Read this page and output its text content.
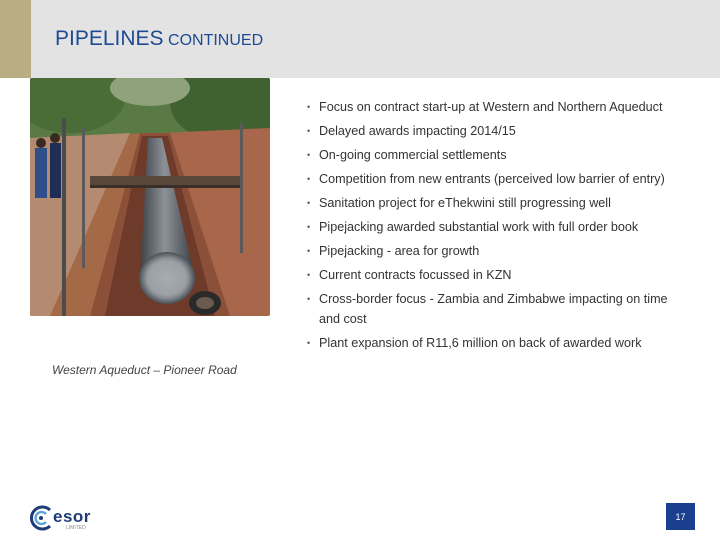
PIPELINES CONTINUED
Western Aqueduct – Pioneer Road
• Focus on contract start-up at Western and Northern Aqueduct
• Delayed awards impacting 2014/15
• On-going commercial settlements
• Competition from new entrants (perceived low barrier of entry)
• Sanitation project for eThekwini still progressing well
• Pipejacking awarded substantial work with full order book
• Pipejacking - area for growth
• Current contracts focussed in KZN
• Cross-border focus - Zambia and Zimbabwe impacting on time and cost
• Plant expansion of R11,6 million on back of awarded work
esor
LIMITED
17
